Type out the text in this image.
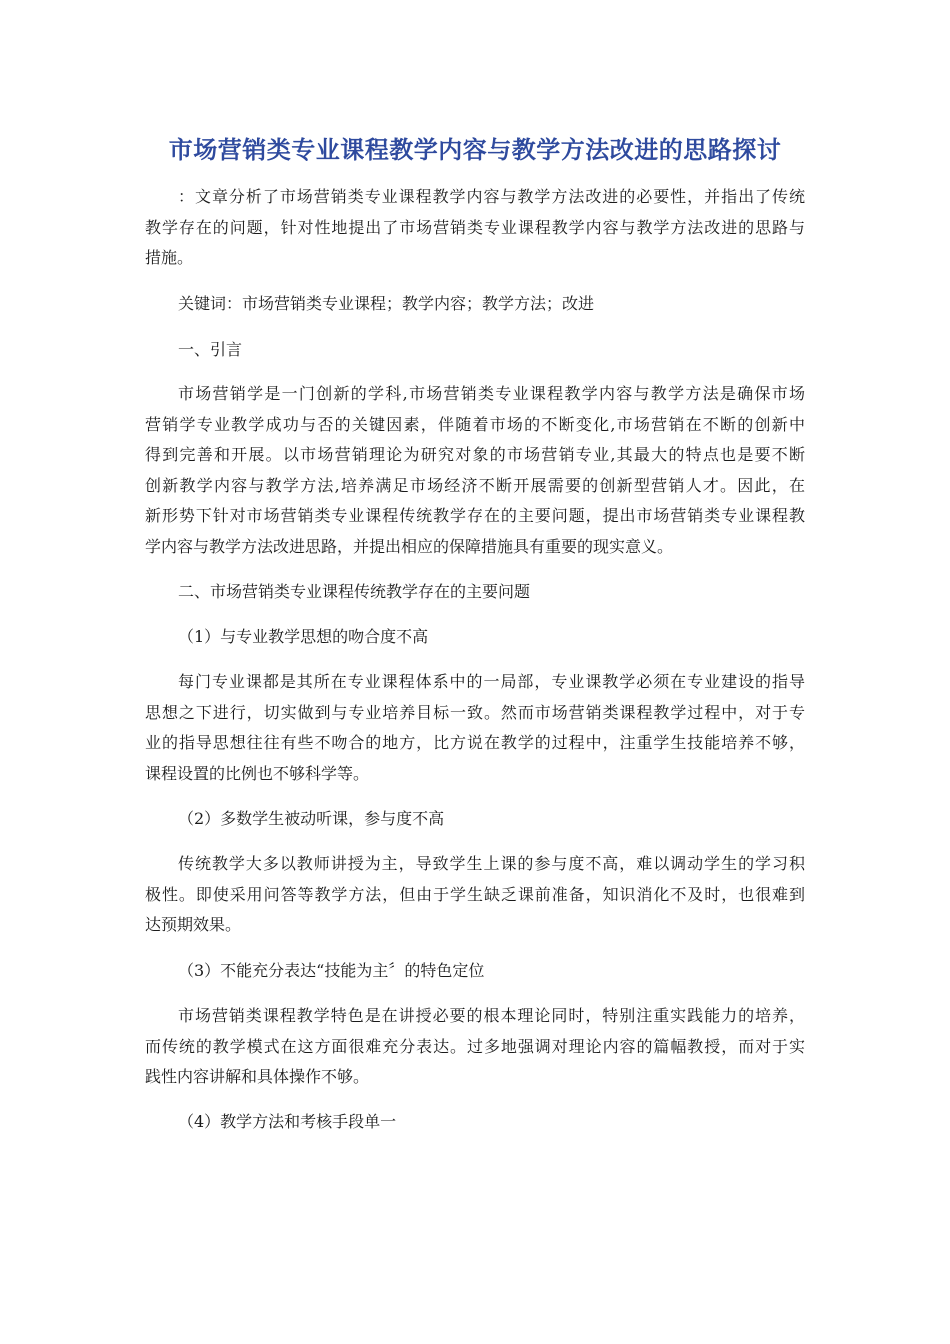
市场营销类专业课程教学内容与教学方法改进的思路探讨
：文章分析了市场营销类专业课程教学内容与教学方法改进的必要性，并指出了传统
教学存在的问题，针对性地提出了市场营销类专业课程教学内容与教学方法改进的思路与
措施。
关键词：市场营销类专业课程；教学内容；教学方法；改进
一、引言
市场营销学是一门创新的学科,市场营销类专业课程教学内容与教学方法是确保市场
营销学专业教学成功与否的关键因素，伴随着市场的不断变化,市场营销在不断的创新中
得到完善和开展。以市场营销理论为研究对象的市场营销专业,其最大的特点也是要不断
创新教学内容与教学方法,培养满足市场经济不断开展需要的创新型营销人才。因此，在
新形势下针对市场营销类专业课程传统教学存在的主要问题，提出市场营销类专业课程教
学内容与教学方法改进思路，并提出相应的保障措施具有重要的现实意义。
二、市场营销类专业课程传统教学存在的主要问题
（1）与专业教学思想的吻合度不高
每门专业课都是其所在专业课程体系中的一局部，专业课教学必须在专业建设的指导
思想之下进行，切实做到与专业培养目标一致。然而市场营销类课程教学过程中，对于专
业的指导思想往往有些不吻合的地方，比方说在教学的过程中，注重学生技能培养不够，
课程设置的比例也不够科学等。
（2）多数学生被动听课，参与度不高
传统教学大多以教师讲授为主，导致学生上课的参与度不高，难以调动学生的学习积
极性。即使采用问答等教学方法，但由于学生缺乏课前准备，知识消化不及时，也很难到
达预期效果。
（3）不能充分表达“技能为主〞的特色定位
市场营销类课程教学特色是在讲授必要的根本理论同时，特别注重实践能力的培养，
而传统的教学模式在这方面很难充分表达。过多地强调对理论内容的篇幅教授，而对于实
践性内容讲解和具体操作不够。
（4）教学方法和考核手段单一
